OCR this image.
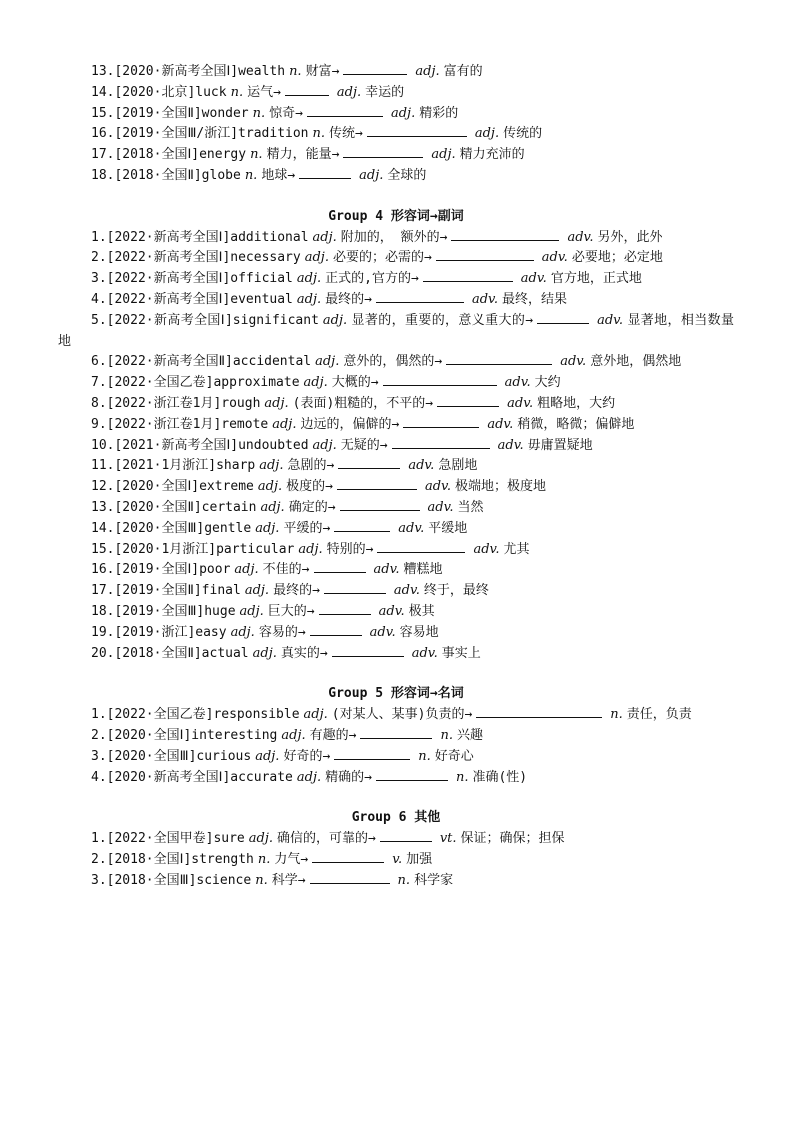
13.[2020·新高考全国Ⅰ]wealth n. 财富→	adj. 富有的
14.[2020·北京]luck n. 运气→	adj. 幸运的
15.[2019·全国Ⅱ]wonder n. 惊奇→	adj. 精彩的
16.[2019·全国Ⅲ/浙江]tradition n. 传统→	adj. 传统的
17.[2018·全国Ⅰ]energy n. 精力，能量→	adj. 精力充沛的
18.[2018·全国Ⅱ]globe n. 地球→	adj. 全球的
Group 4 形容词→副词
1.[2022·新高考全国Ⅰ]additional adj. 附加的， 额外的→	adv. 另外，此外
2.[2022·新高考全国Ⅰ]necessary adj. 必要的；必需的→	adv. 必要地；必定地
3.[2022·新高考全国Ⅰ]official adj. 正式的,官方的→	adv. 官方地，正式地
4.[2022·新高考全国Ⅰ]eventual adj. 最终的→	adv. 最终，结果
5.[2022·新高考全国Ⅰ]significant adj. 显著的，重要的，意义重大的→	adv. 显著地，相当数量地
6.[2022·新高考全国Ⅱ]accidental adj. 意外的，偶然的→	adv. 意外地，偶然地
7.[2022·全国乙卷]approximate adj. 大概的→	adv. 大约
8.[2022·浙江卷1月]rough adj. (表面)粗糙的，不平的→	adv. 粗略地，大约
9.[2022·浙江卷1月]remote adj. 边远的，偏僻的→	adv. 稍微，略微；偏僻地
10.[2021·新高考全国Ⅰ]undoubted adj. 无疑的→	adv. 毋庸置疑地
11.[2021·1月浙江]sharp adj. 急剧的→	adv. 急剧地
12.[2020·全国Ⅰ]extreme adj. 极度的→	adv. 极端地；极度地
13.[2020·全国Ⅱ]certain adj. 确定的→	adv. 当然
14.[2020·全国Ⅲ]gentle adj. 平缓的→	adv. 平缓地
15.[2020·1月浙江]particular adj. 特别的→	adv. 尤其
16.[2019·全国Ⅰ]poor adj. 不佳的→	adv. 糟糕地
17.[2019·全国Ⅱ]final adj. 最终的→	adv. 终于，最终
18.[2019·全国Ⅲ]huge adj. 巨大的→	adv. 极其
19.[2019·浙江]easy adj. 容易的→	adv. 容易地
20.[2018·全国Ⅱ]actual adj. 真实的→	adv. 事实上
Group 5 形容词→名词
1.[2022·全国乙卷]responsible adj. (对某人、某事)负责的→	n. 责任，负责
2.[2020·全国Ⅰ]interesting adj. 有趣的→	n. 兴趣
3.[2020·全国Ⅲ]curious adj. 好奇的→	n. 好奇心
4.[2020·新高考全国Ⅰ]accurate adj. 精确的→	n. 准确(性)
Group 6 其他
1.[2022·全国甲卷]sure adj. 确信的，可靠的→	vt. 保证；确保；担保
2.[2018·全国Ⅰ]strength n. 力气→	v. 加强
3.[2018·全国Ⅲ]science n. 科学→	n. 科学家
